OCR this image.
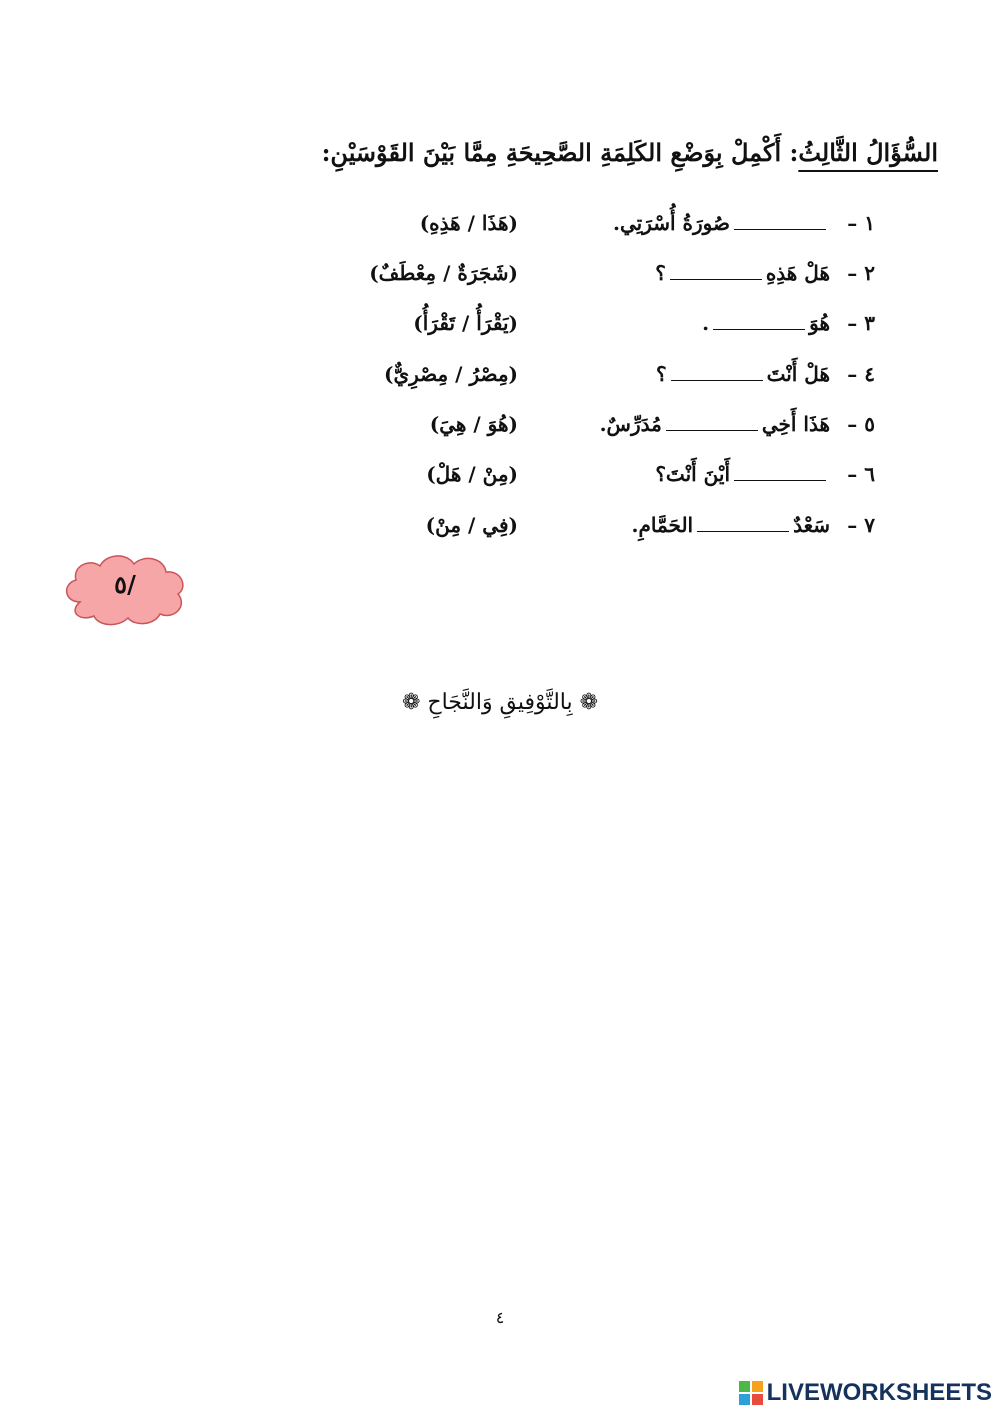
السُّؤَالُ الثَّالِثُ: أَكْمِلْ بِوَضْعِ الكَلِمَةِ الصَّحِيحَةِ مِمَّا بَيْنَ القَوْسَيْنِ:
١ –
صُورَةُ أُسْرَتِي.
(هَذَا / هَذِهِ)
٢ –
هَلْ هَذِهِ؟
(شَجَرَةٌ / مِعْطَفٌ)
٣ –
هُوَ.
(يَقْرَأُ / تَقْرَأُ)
٤ –
هَلْ أَنْتَ؟
(مِصْرُ / مِصْرِيٌّ)
٥ –
هَذَا أَخِيمُدَرِّسٌ.
(هُوَ / هِيَ)
٦ –
أَيْنَ أَنْتَ؟
(مِنْ / هَلْ)
٧ –
سَعْدٌالحَمَّامِ.
(فِي / مِنْ)
/٥
❁ بِالتَّوْفِيقِ وَالنَّجَاحِ ❁
٤
LIVEWORKSHEETS
